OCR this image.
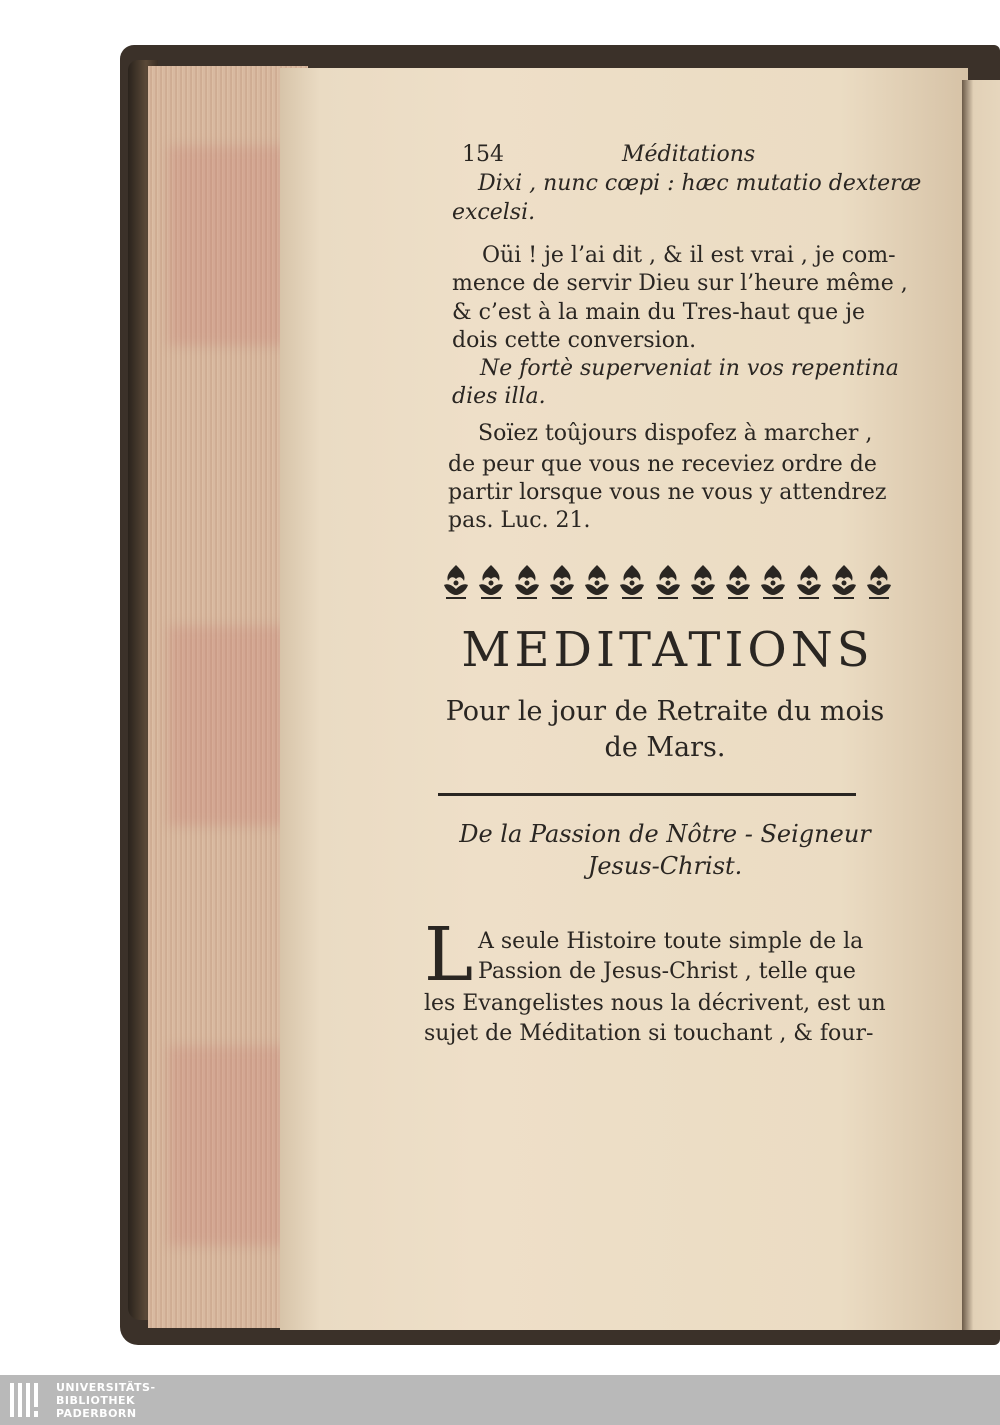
154	Méditations
Dixi , nunc cœpi : hæc mutatio dexteræ
excelsi.
Oüi ! je l’ai dit , & il est vrai , je com-
mence de servir Dieu sur l’heure même ,
& c’est à la main du Tres-haut que je
dois cette conversion.
Ne fortè superveniat in vos repentina
dies illa.
Soïez toûjours dispofez à marcher ,
de peur que vous ne receviez ordre de
partir lorsque vous ne vous y attendrez
pas. Luc. 21.
MEDITATIONS
Pour le jour de Retraite du mois
de Mars.
De la Passion de Nôtre - Seigneur
Jesus-Christ.
L A seule Histoire toute simple de la
Passion de Jesus-Christ , telle que
les Evangelistes nous la décrivent, est un
sujet de Méditation si touchant , & four-
UNIVERSITÄTS-
BIBLIOTHEK
PADERBORN
